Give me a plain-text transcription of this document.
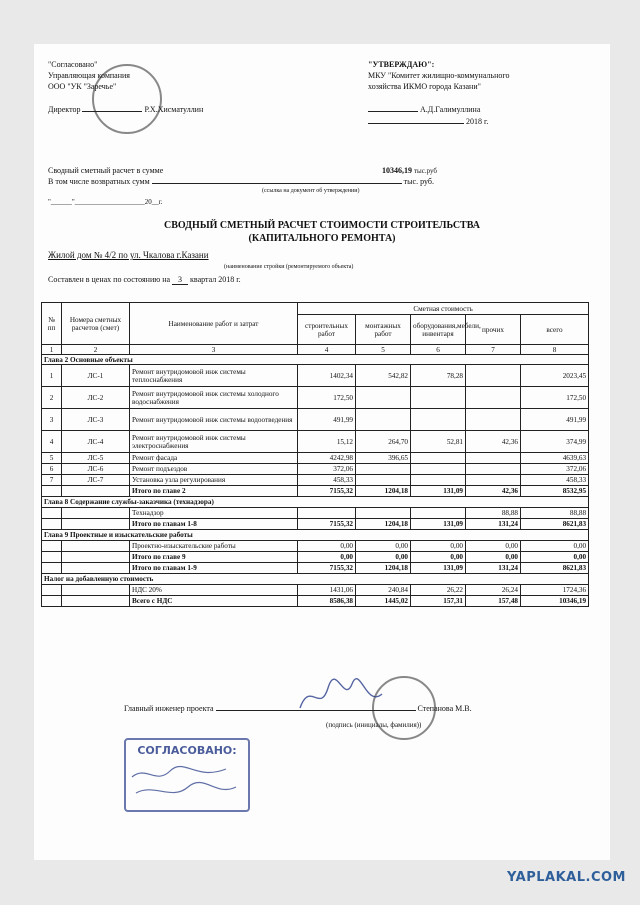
"Согласовано"
Управляющая компания
ООО "УК "Заречье"
Директор	Р.Х.Хисматуллин
"УТВЕРЖДАЮ":
МКУ "Комитет жилищно-коммунального
хозяйства ИКМО города Казани"
А.Д.Галимуллина
2018 г.
Сводный сметный расчет в сумме	10346,19 тыс.руб
В том числе возвратных сумм	тыс. руб.
(ссылка на документ об утверждении)
"______"____________________20__г.
СВОДНЫЙ СМЕТНЫЙ РАСЧЕТ СТОИМОСТИ СТРОИТЕЛЬСТВА
(КАПИТАЛЬНОГО РЕМОНТА)
Жилой дом № 4/2 по ул. Чкалова г.Казани
(наименование стройки (ремонтируемого объекта)
Составлен в ценах по состоянию на 3 квартал 2018 г.
№ пп	Номера сметных расчетов (смет)	Наименование работ и затрат	Сметная стоимость				
			строительных работ	монтажных работ	оборудования,мебели, инвентаря	прочих	всего
1	2	3	4	5	6	7	8
Глава 2 Основные объекты							
1	ЛС-1	Ремонт внутридомовой инж системы теплоснабжения	1402,34	542,82	78,28		2023,45
2	ЛС-2	Ремонт внутридомовой инж системы холодного водоснабжения	172,50				172,50
3	ЛС-3	Ремонт внутридомовой инж системы водоотведения	491,99				491,99
4	ЛС-4	Ремонт внутридомовой инж системы электроснабжения	15,12	264,70	52,81	42,36	374,99
5	ЛС-5	Ремонт фасада	4242,98	396,65			4639,63
6	ЛС-6	Ремонт подъездов	372,06				372,06
7	ЛС-7	Установка узла регулирования	458,33				458,33
		Итого по главе 2	7155,32	1204,18	131,09	42,36	8532,95
Глава 8 Содержание службы-заказчика (технадзора)							
		Технадзор				88,88	88,88
		Итого по главам 1-8	7155,32	1204,18	131,09	131,24	8621,83
Глава 9 Проектные и изыскательские работы							
		Проектно-изыскательские работы	0,00	0,00	0,00	0,00	0,00
		Итого по главе 9	0,00	0,00	0,00	0,00	0,00
		Итого по главам 1-9	7155,32	1204,18	131,09	131,24	8621,83
Налог на добавленную стоимость							
		НДС 20%	1431,06	240,84	26,22	26,24	1724,36
		Всего с НДС	8586,38	1445,02	157,31	157,48	10346,19
Главный инженер проекта	Степанова М.В.
(подпись (инициалы, фамилия))
СОГЛАСОВАНО:
YAPLAKAL.COM
